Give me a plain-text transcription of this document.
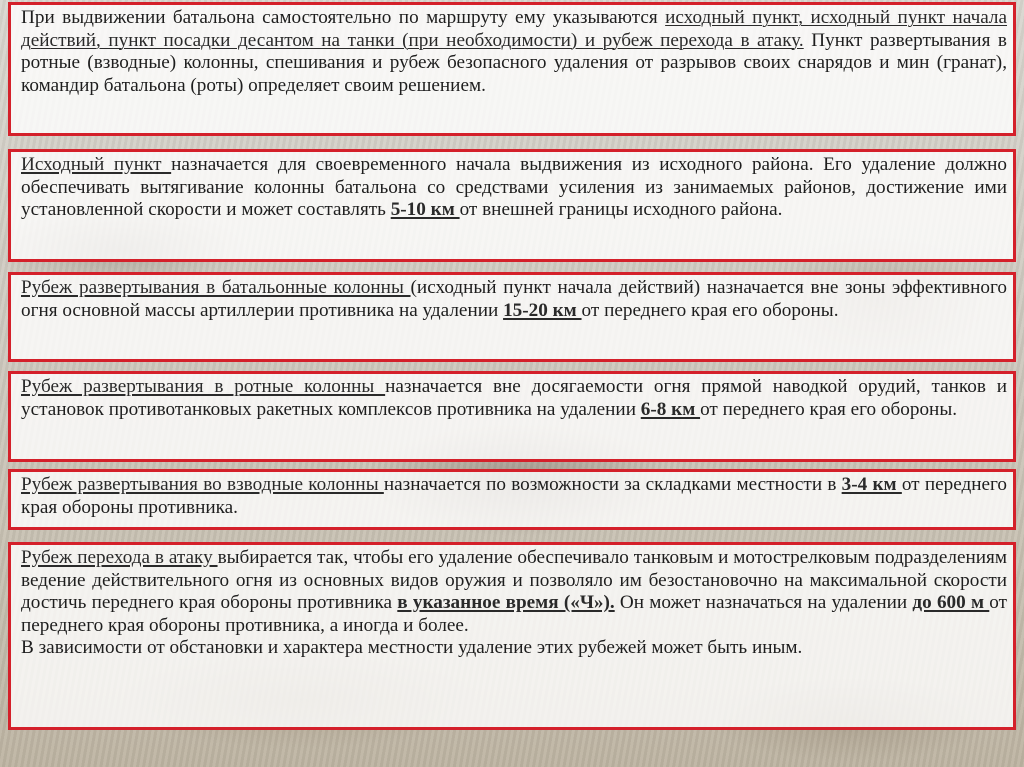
При выдвижении батальона самостоятельно по маршруту ему указываются исходный пункт, исходный пункт начала действий, пункт посадки десантом на танки (при необходимости) и рубеж перехода в атаку. Пункт развертывания в ротные (взводные) колонны, спешивания и рубеж безопасного удаления от разрывов своих снарядов и мин (гранат), командир батальона (роты) определяет своим решением.

Исходный пункт назначается для своевременного начала выдвижения из исходного района. Его удаление должно обеспечивать вытягивание колонны батальона со средствами усиления из занимаемых районов, достижение ими установленной скорости и может составлять 5-10 км от внешней границы исходного района.

Рубеж развертывания в батальонные колонны (исходный пункт начала действий) назначается вне зоны эффективного огня основной массы артиллерии противника на удалении 15-20 км от переднего края его обороны.

Рубеж развертывания в ротные колонны назначается вне досягаемости огня прямой наводкой орудий, танков и установок противотанковых ракетных комплексов противника на удалении 6-8 км от переднего края его обороны.

Рубеж развертывания во взводные колонны назначается по возможности за складками местности в 3-4 км от переднего края обороны противника.

Рубеж перехода в атаку выбирается так, чтобы его удаление обеспечивало танковым и мотострелковым подразделениям ведение действительного огня из основных видов оружия и позволяло им безостановочно на максимальной скорости достичь переднего края обороны противника в указанное время («Ч»). Он может назначаться на удалении до 600 м от переднего края обороны противника, а иногда и более.

В зависимости от обстановки и характера местности удаление этих рубежей может быть иным.
